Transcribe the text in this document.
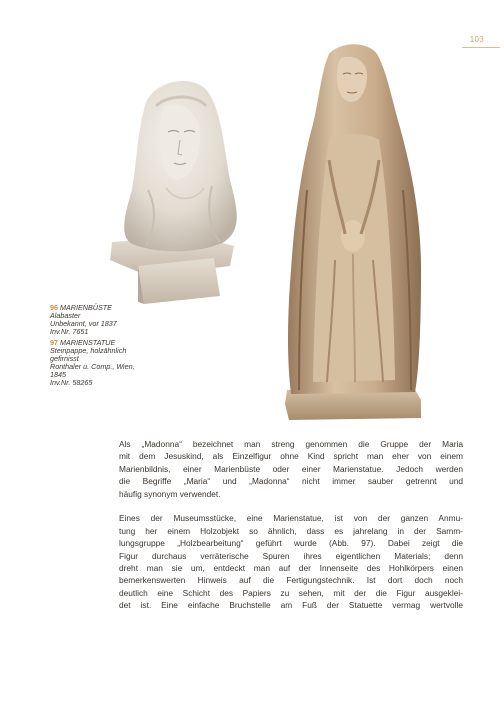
103
96 MARIENBÜSTE
Alabaster
Unbekannt, vor 1837
Inv.Nr. 7651
97 MARIENSTATUE
Steinpappe, holzähnlich
gefirnisst
Ronthaler u. Comp., Wien,
1845
Inv.Nr. 58265
Als „Madonna“ bezeichnet man streng genommen die Gruppe der Maria
mit dem Jesuskind, als Einzelfigur ohne Kind spricht man eher von einem
Marienbildnis, einer Marienbüste oder einer Marienstatue. Jedoch werden
die Begriffe „Maria“ und „Madonna“ nicht immer sauber getrennt und
häufig synonym verwendet.
Eines der Museumsstücke, eine Marienstatue, ist von der ganzen Anmu-
tung her einem Holzobjekt so ähnlich, dass es jahrelang in der Samm-
lungsgruppe „Holzbearbeitung“ geführt wurde (Abb. 97). Dabei zeigt die
Figur durchaus verräterische Spuren ihres eigentlichen Materials; denn
dreht man sie um, entdeckt man auf der Innenseite des Hohlkörpers einen
bemerkenswerten Hinweis auf die Fertigungstechnik. Ist dort doch noch
deutlich eine Schicht des Papiers zu sehen, mit der die Figur ausgeklei-
det ist. Eine einfache Bruchstelle am Fuß der Statuette vermag wertvolle
